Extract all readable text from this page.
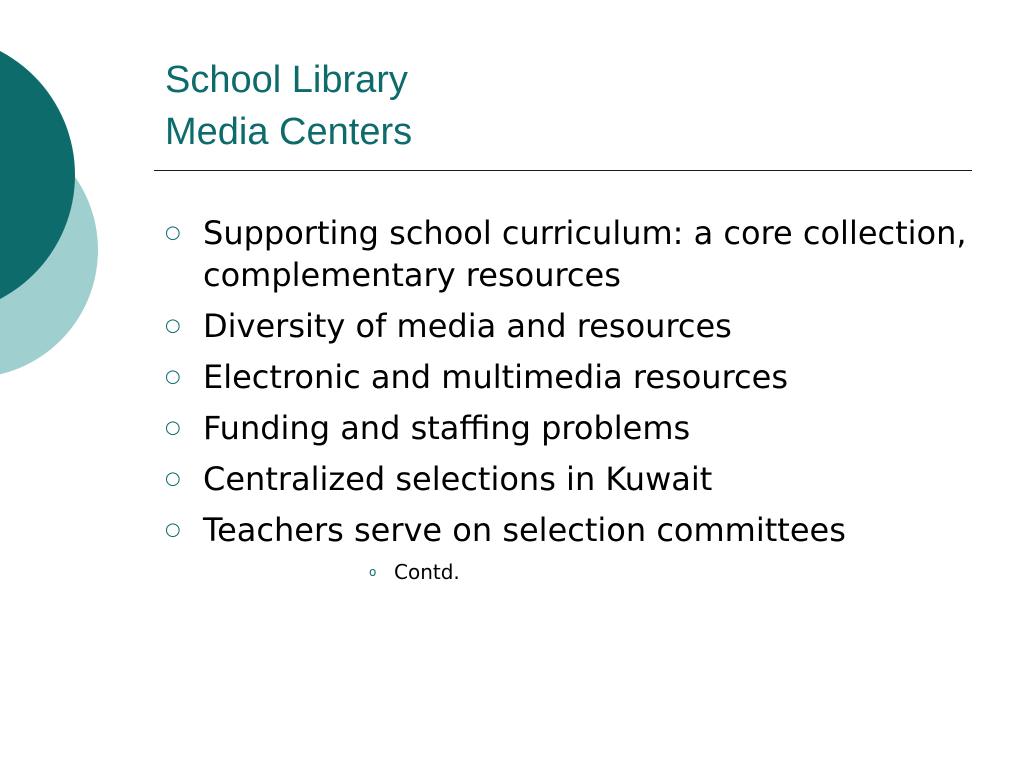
School Library
Media Centers
○ Supporting school curriculum: a core collection, complementary resources
○ Diversity of media and resources
○ Electronic and multimedia resources
○ Funding and staffing problems
○ Centralized selections in Kuwait
○ Teachers serve on selection committees
o Contd.
